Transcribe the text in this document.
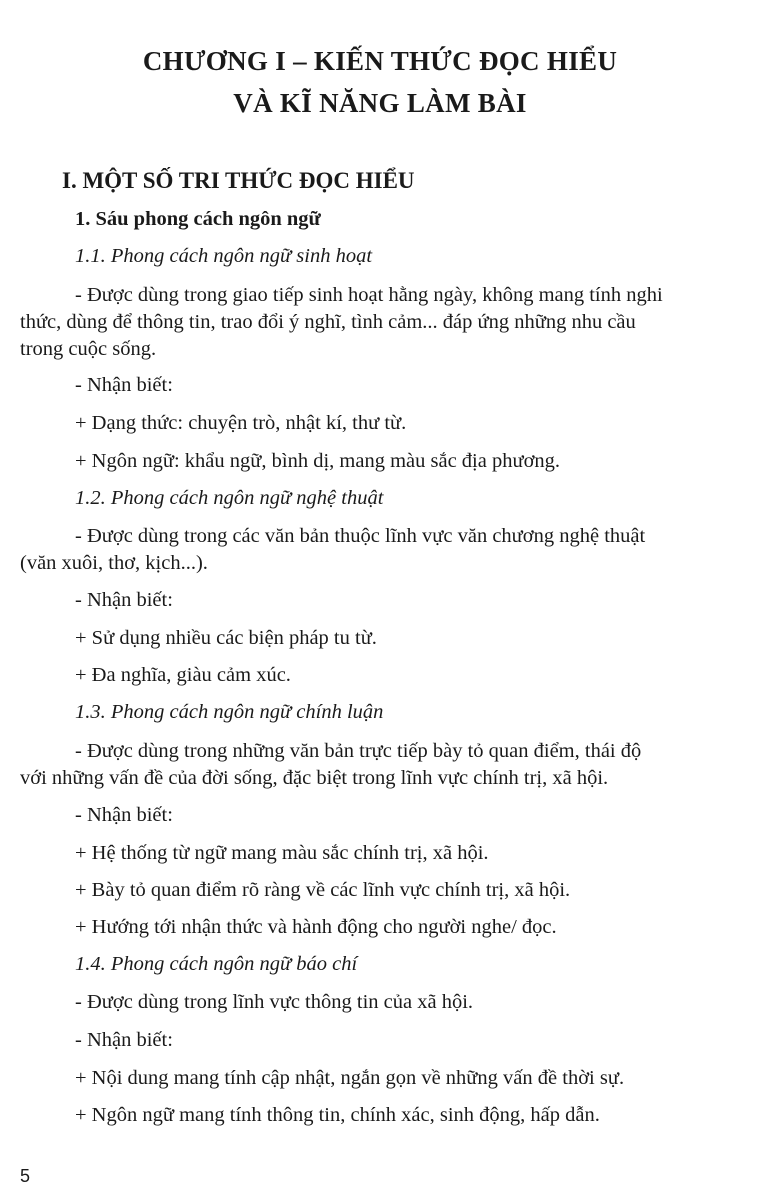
CHƯƠNG I – KIẾN THỨC ĐỌC HIỂU
VÀ KĨ NĂNG LÀM BÀI

I. MỘT SỐ TRI THỨC ĐỌC HIỂU

1. Sáu phong cách ngôn ngữ

1.1. Phong cách ngôn ngữ sinh hoạt

- Được dùng trong giao tiếp sinh hoạt hằng ngày, không mang tính nghi

thức, dùng để thông tin, trao đổi ý nghĩ, tình cảm... đáp ứng những nhu cầu

trong cuộc sống.

- Nhận biết:

+ Dạng thức: chuyện trò, nhật kí, thư từ.

+ Ngôn ngữ: khẩu ngữ, bình dị, mang màu sắc địa phương.

1.2. Phong cách ngôn ngữ nghệ thuật

- Được dùng trong các văn bản thuộc lĩnh vực văn chương nghệ thuật

(văn xuôi, thơ, kịch...).

- Nhận biết:

+ Sử dụng nhiều các biện pháp tu từ.

+ Đa nghĩa, giàu cảm xúc.

1.3. Phong cách ngôn ngữ chính luận

- Được dùng trong những văn bản trực tiếp bày tỏ quan điểm, thái độ

với những vấn đề của đời sống, đặc biệt trong lĩnh vực chính trị, xã hội.

- Nhận biết:

+ Hệ thống từ ngữ mang màu sắc chính trị, xã hội.

+ Bày tỏ quan điểm rõ ràng về các lĩnh vực chính trị, xã hội.

+ Hướng tới nhận thức và hành động cho người nghe/ đọc.

1.4. Phong cách ngôn ngữ báo chí

- Được dùng trong lĩnh vực thông tin của xã hội.

- Nhận biết:

+ Nội dung mang tính cập nhật, ngắn gọn về những vấn đề thời sự.

+ Ngôn ngữ mang tính thông tin, chính xác, sinh động, hấp dẫn.

5
